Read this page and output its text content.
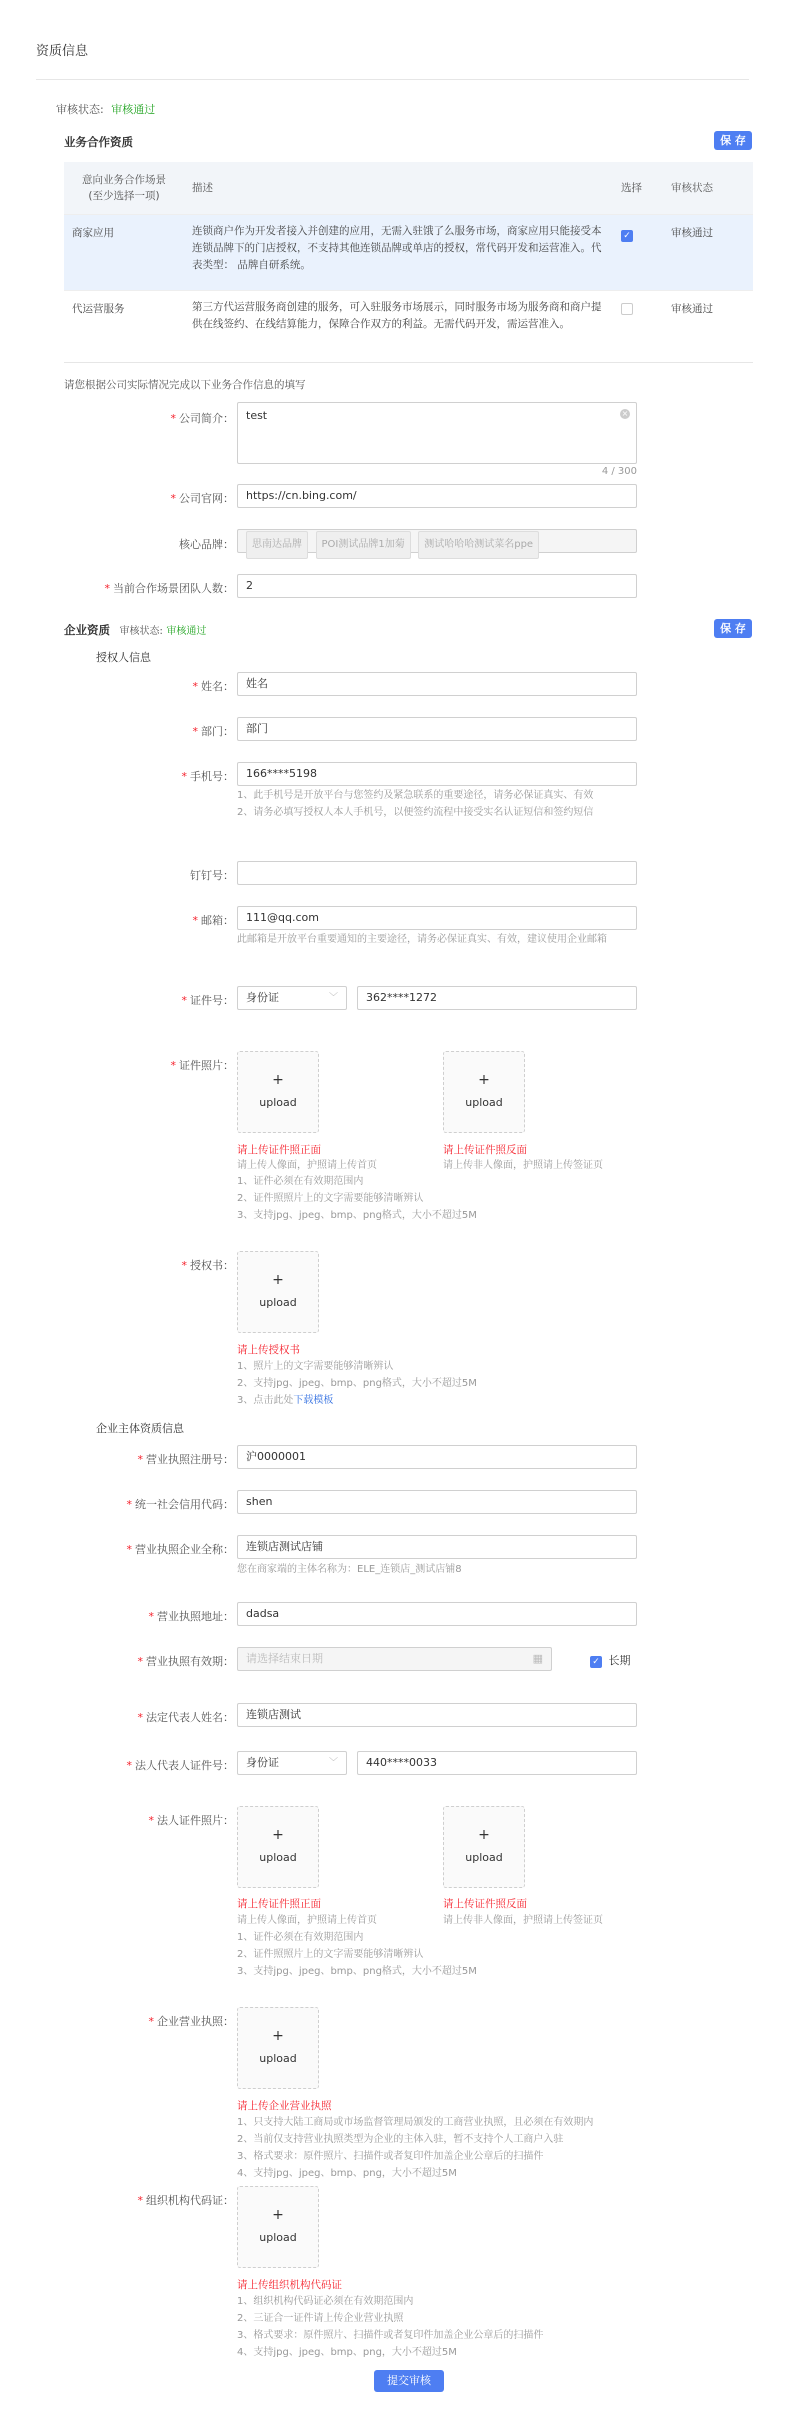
资质信息
审核状态: 审核通过
业务合作资质	保 存
意向业务合作场景
(至少选择一项)	描述	选择	审核状态
商家应用	连锁商户作为开发者接入并创建的应用，无需入驻饿了么服务市场，商家应用只能接受本连锁品牌下的门店授权，不支持其他连锁品牌或单店的授权，常代码开发和运营准入。代表类型： 品牌自研系统。	✓	审核通过
代运营服务	第三方代运营服务商创建的服务，可入驻服务市场展示，同时服务市场为服务商和商户提供在线签约、在线结算能力，保障合作双方的利益。无需代码开发，需运营准入。		审核通过
请您根据公司实际情况完成以下业务合作信息的填写
* 公司简介：	test	×
4 / 300
* 公司官网：	https://cn.bing.com/
核心品牌：	思南达品牌 POI测试品牌1加菊 测试哈哈哈测试菜名ppe
* 当前合作场景团队人数：	2
企业资质 审核状态: 审核通过	保 存
授权人信息
* 姓名：	姓名
* 部门：	部门
* 手机号：	166****5198
1、此手机号是开放平台与您签约及紧急联系的重要途径，请务必保证真实、有效
2、请务必填写授权人本人手机号，以便签约流程中接受实名认证短信和签约短信
钉钉号：
* 邮箱：	111@qq.com
此邮箱是开放平台重要通知的主要途径，请务必保证真实、有效，建议使用企业邮箱
* 证件号：	身份证	﹀	362****1272
* 证件照片：
+
upload
+
upload
请上传证件照正面
请上传人像面，护照请上传首页
请上传证件照反面
请上传非人像面，护照请上传签证页
1、证件必须在有效期范围内
2、证件照照片上的文字需要能够清晰辨认
3、支持jpg、jpeg、bmp、png格式，大小不超过5M
* 授权书：
+
upload
请上传授权书
1、照片上的文字需要能够清晰辨认
2、支持jpg、jpeg、bmp、png格式，大小不超过5M
3、点击此处下载模板
企业主体资质信息
* 营业执照注册号：	沪0000001
* 统一社会信用代码：	shen
* 营业执照企业全称：	连锁店测试店铺
您在商家端的主体名称为：ELE_连锁店_测试店铺8
* 营业执照地址：	dadsa
* 营业执照有效期：	请选择结束日期	▦	✓ 长期
* 法定代表人姓名：	连锁店测试
* 法人代表人证件号：	身份证	﹀	440****0033
* 法人证件照片：
+
upload
+
upload
请上传证件照正面
请上传人像面，护照请上传首页
请上传证件照反面
请上传非人像面，护照请上传签证页
1、证件必须在有效期范围内
2、证件照照片上的文字需要能够清晰辨认
3、支持jpg、jpeg、bmp、png格式，大小不超过5M
* 企业营业执照：
+
upload
请上传企业营业执照
1、只支持大陆工商局或市场监督管理局颁发的工商营业执照，且必须在有效期内
2、当前仅支持营业执照类型为企业的主体入驻，暂不支持个人工商户入驻
3、格式要求：原件照片、扫描件或者复印件加盖企业公章后的扫描件
4、支持jpg、jpeg、bmp、png，大小不超过5M
* 组织机构代码证：
+
upload
请上传组织机构代码证
1、组织机构代码证必须在有效期范围内
2、三证合一证件请上传企业营业执照
3、格式要求：原件照片、扫描件或者复印件加盖企业公章后的扫描件
4、支持jpg、jpeg、bmp、png，大小不超过5M
提交审核
